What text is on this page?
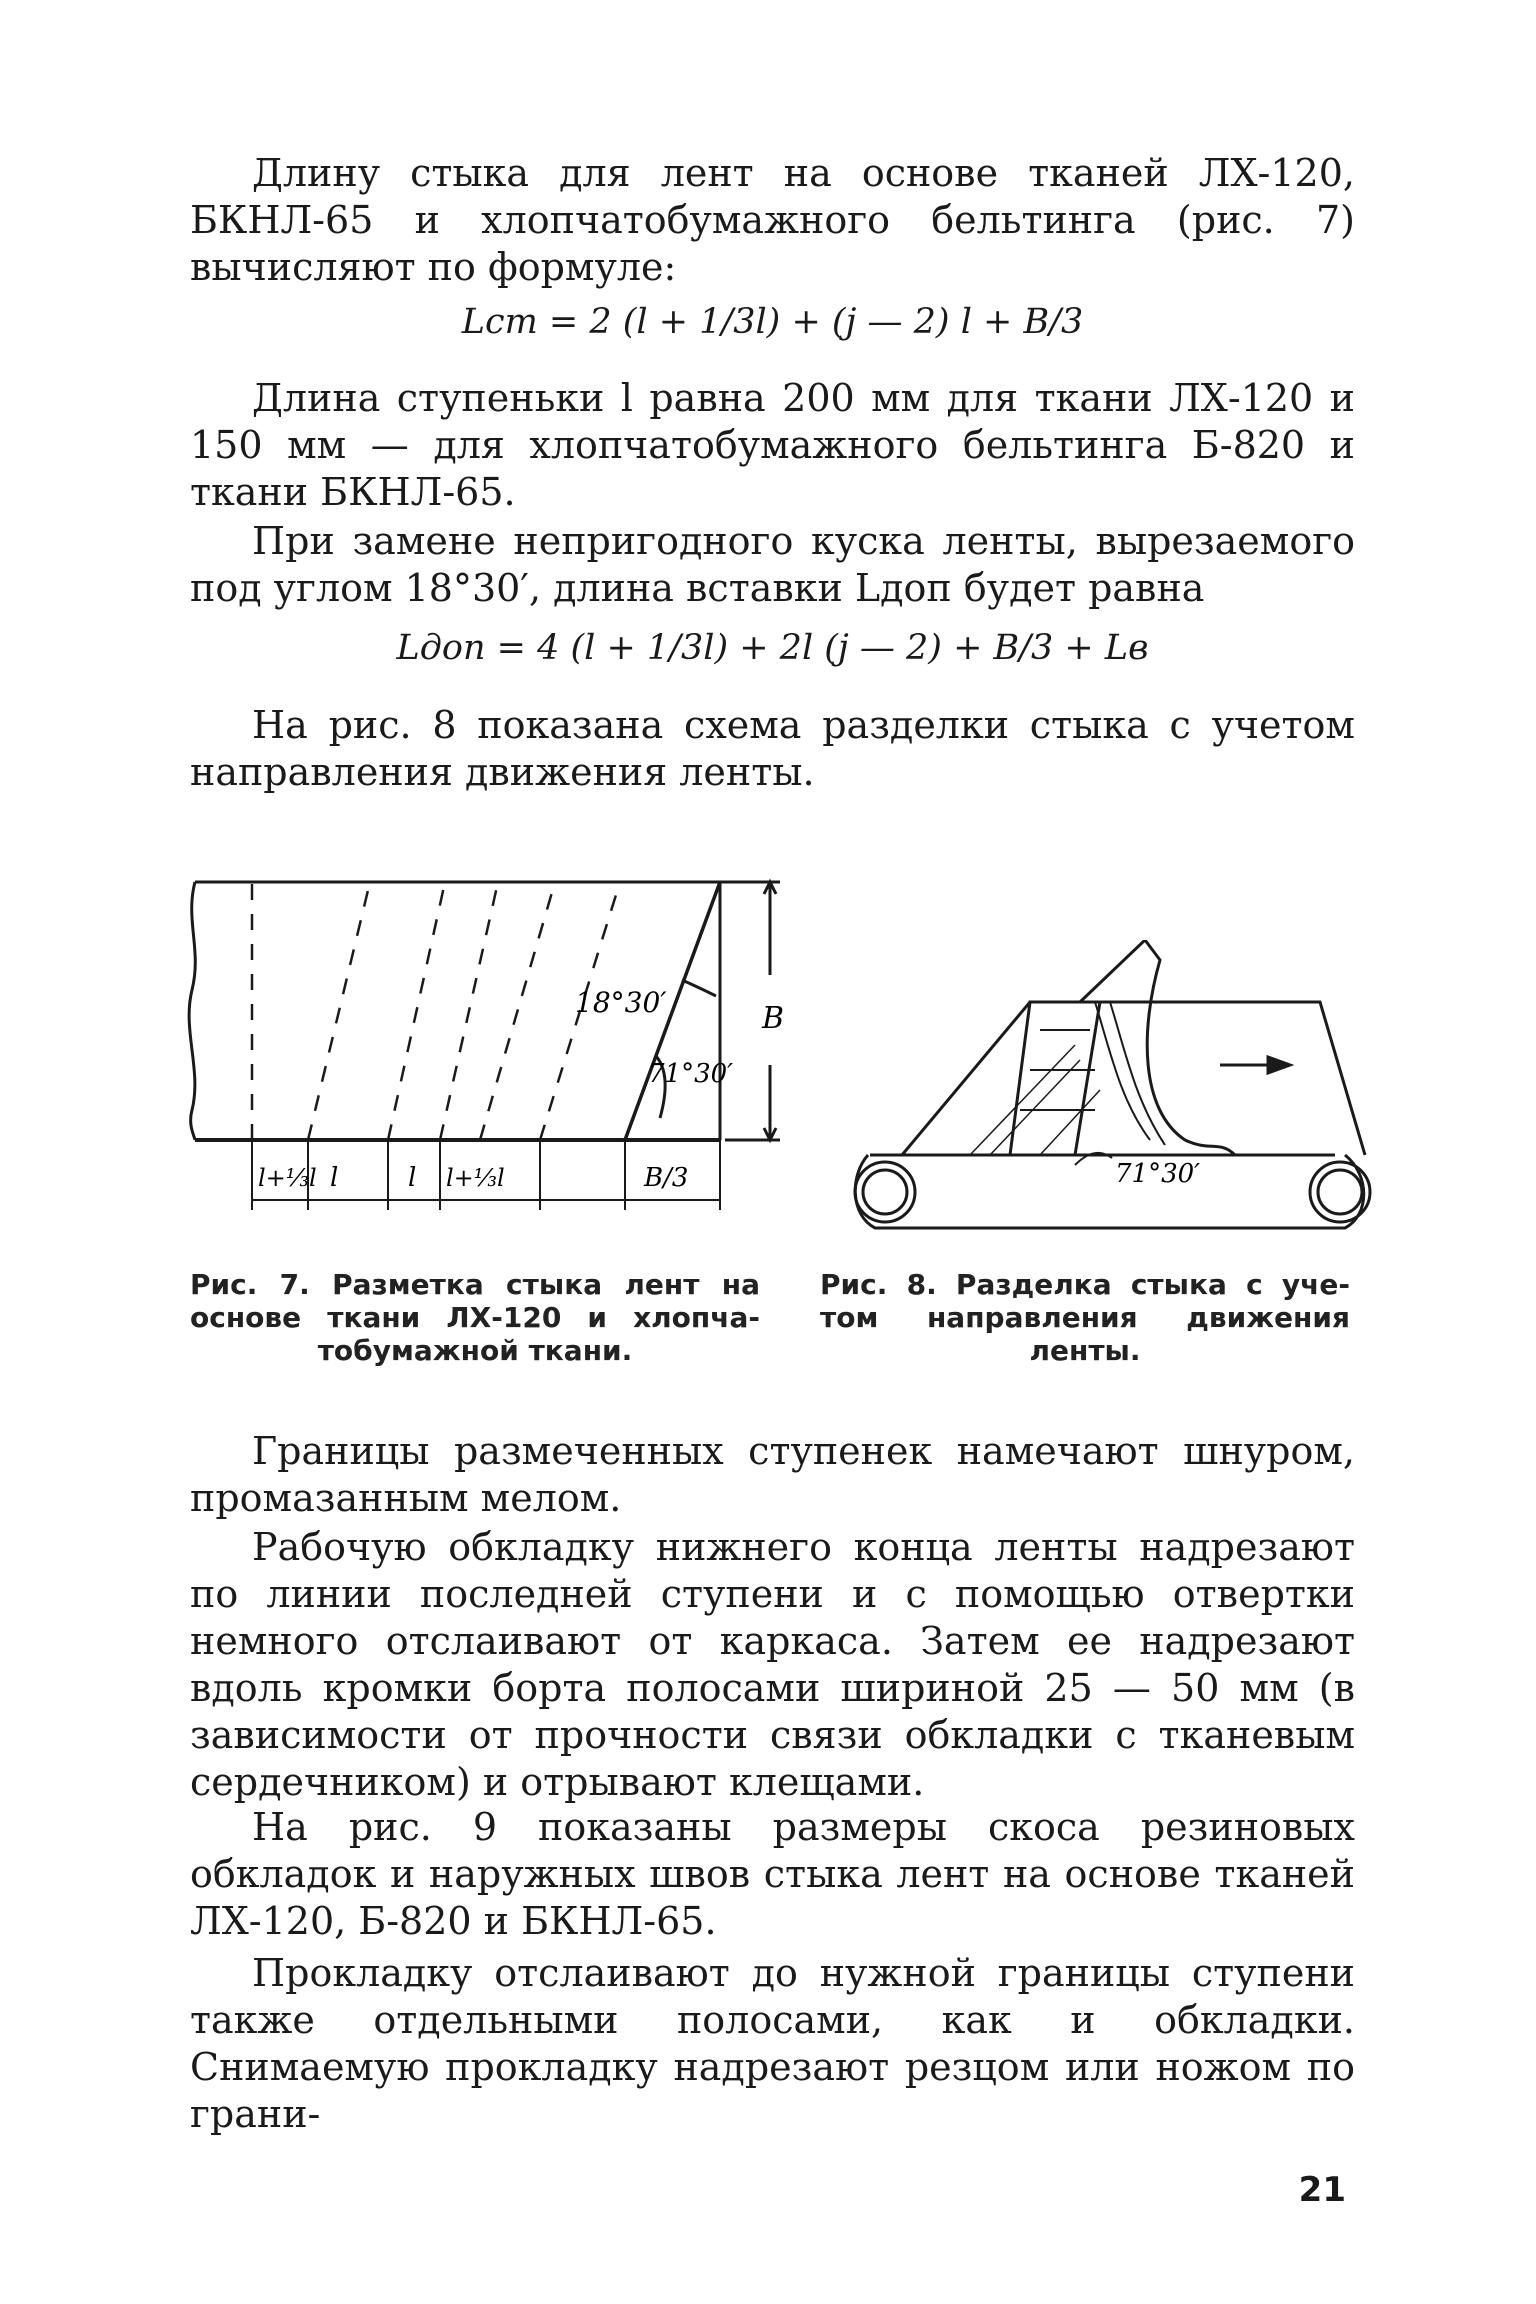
Длину стыка для лент на основе тканей ЛХ-120, БКНЛ-65 и хлопчатобумажного бельтинга (рис. 7) вычисляют по формуле:

Lст = 2 (l + 1/3l) + (j — 2) l + B/3

Длина ступеньки l равна 200 мм для ткани ЛХ-120 и 150 мм — для хлопчатобумажного бельтинга Б-820 и ткани БКНЛ-65.

При замене непригодного куска ленты, вырезаемого под углом 18°30′, длина вставки Lдоп будет равна

Lдоп = 4 (l + 1/3l) + 2l (j — 2) + B/3 + Lв

На рис. 8 показана схема разделки стыка с учетом направления движения ленты.

18°30′
71°30′
B
l+⅓l l	l l+⅓l	B/3	71°30′
Рис. 7. Разметка стыка лент на
основе ткани ЛХ-120 и хлопча-
тобумажной ткани.
Рис. 8. Разделка стыка с уче-
том направления движения
ленты.

Границы размеченных ступенек намечают шнуром, промазанным мелом.

Рабочую обкладку нижнего конца ленты надрезают по линии последней ступени и с помощью отвертки немного отслаивают от каркаса. Затем ее надрезают вдоль кромки борта полосами шириной 25 — 50 мм (в зависимости от прочности связи обкладки с тканевым сердечником) и отрывают клещами.

На рис. 9 показаны размеры скоса резиновых обкладок и наружных швов стыка лент на основе тканей ЛХ-120, Б-820 и БКНЛ-65.

Прокладку отслаивают до нужной границы ступени также отдельными полосами, как и обкладки. Снимаемую прокладку надрезают резцом или ножом по грани-

21
